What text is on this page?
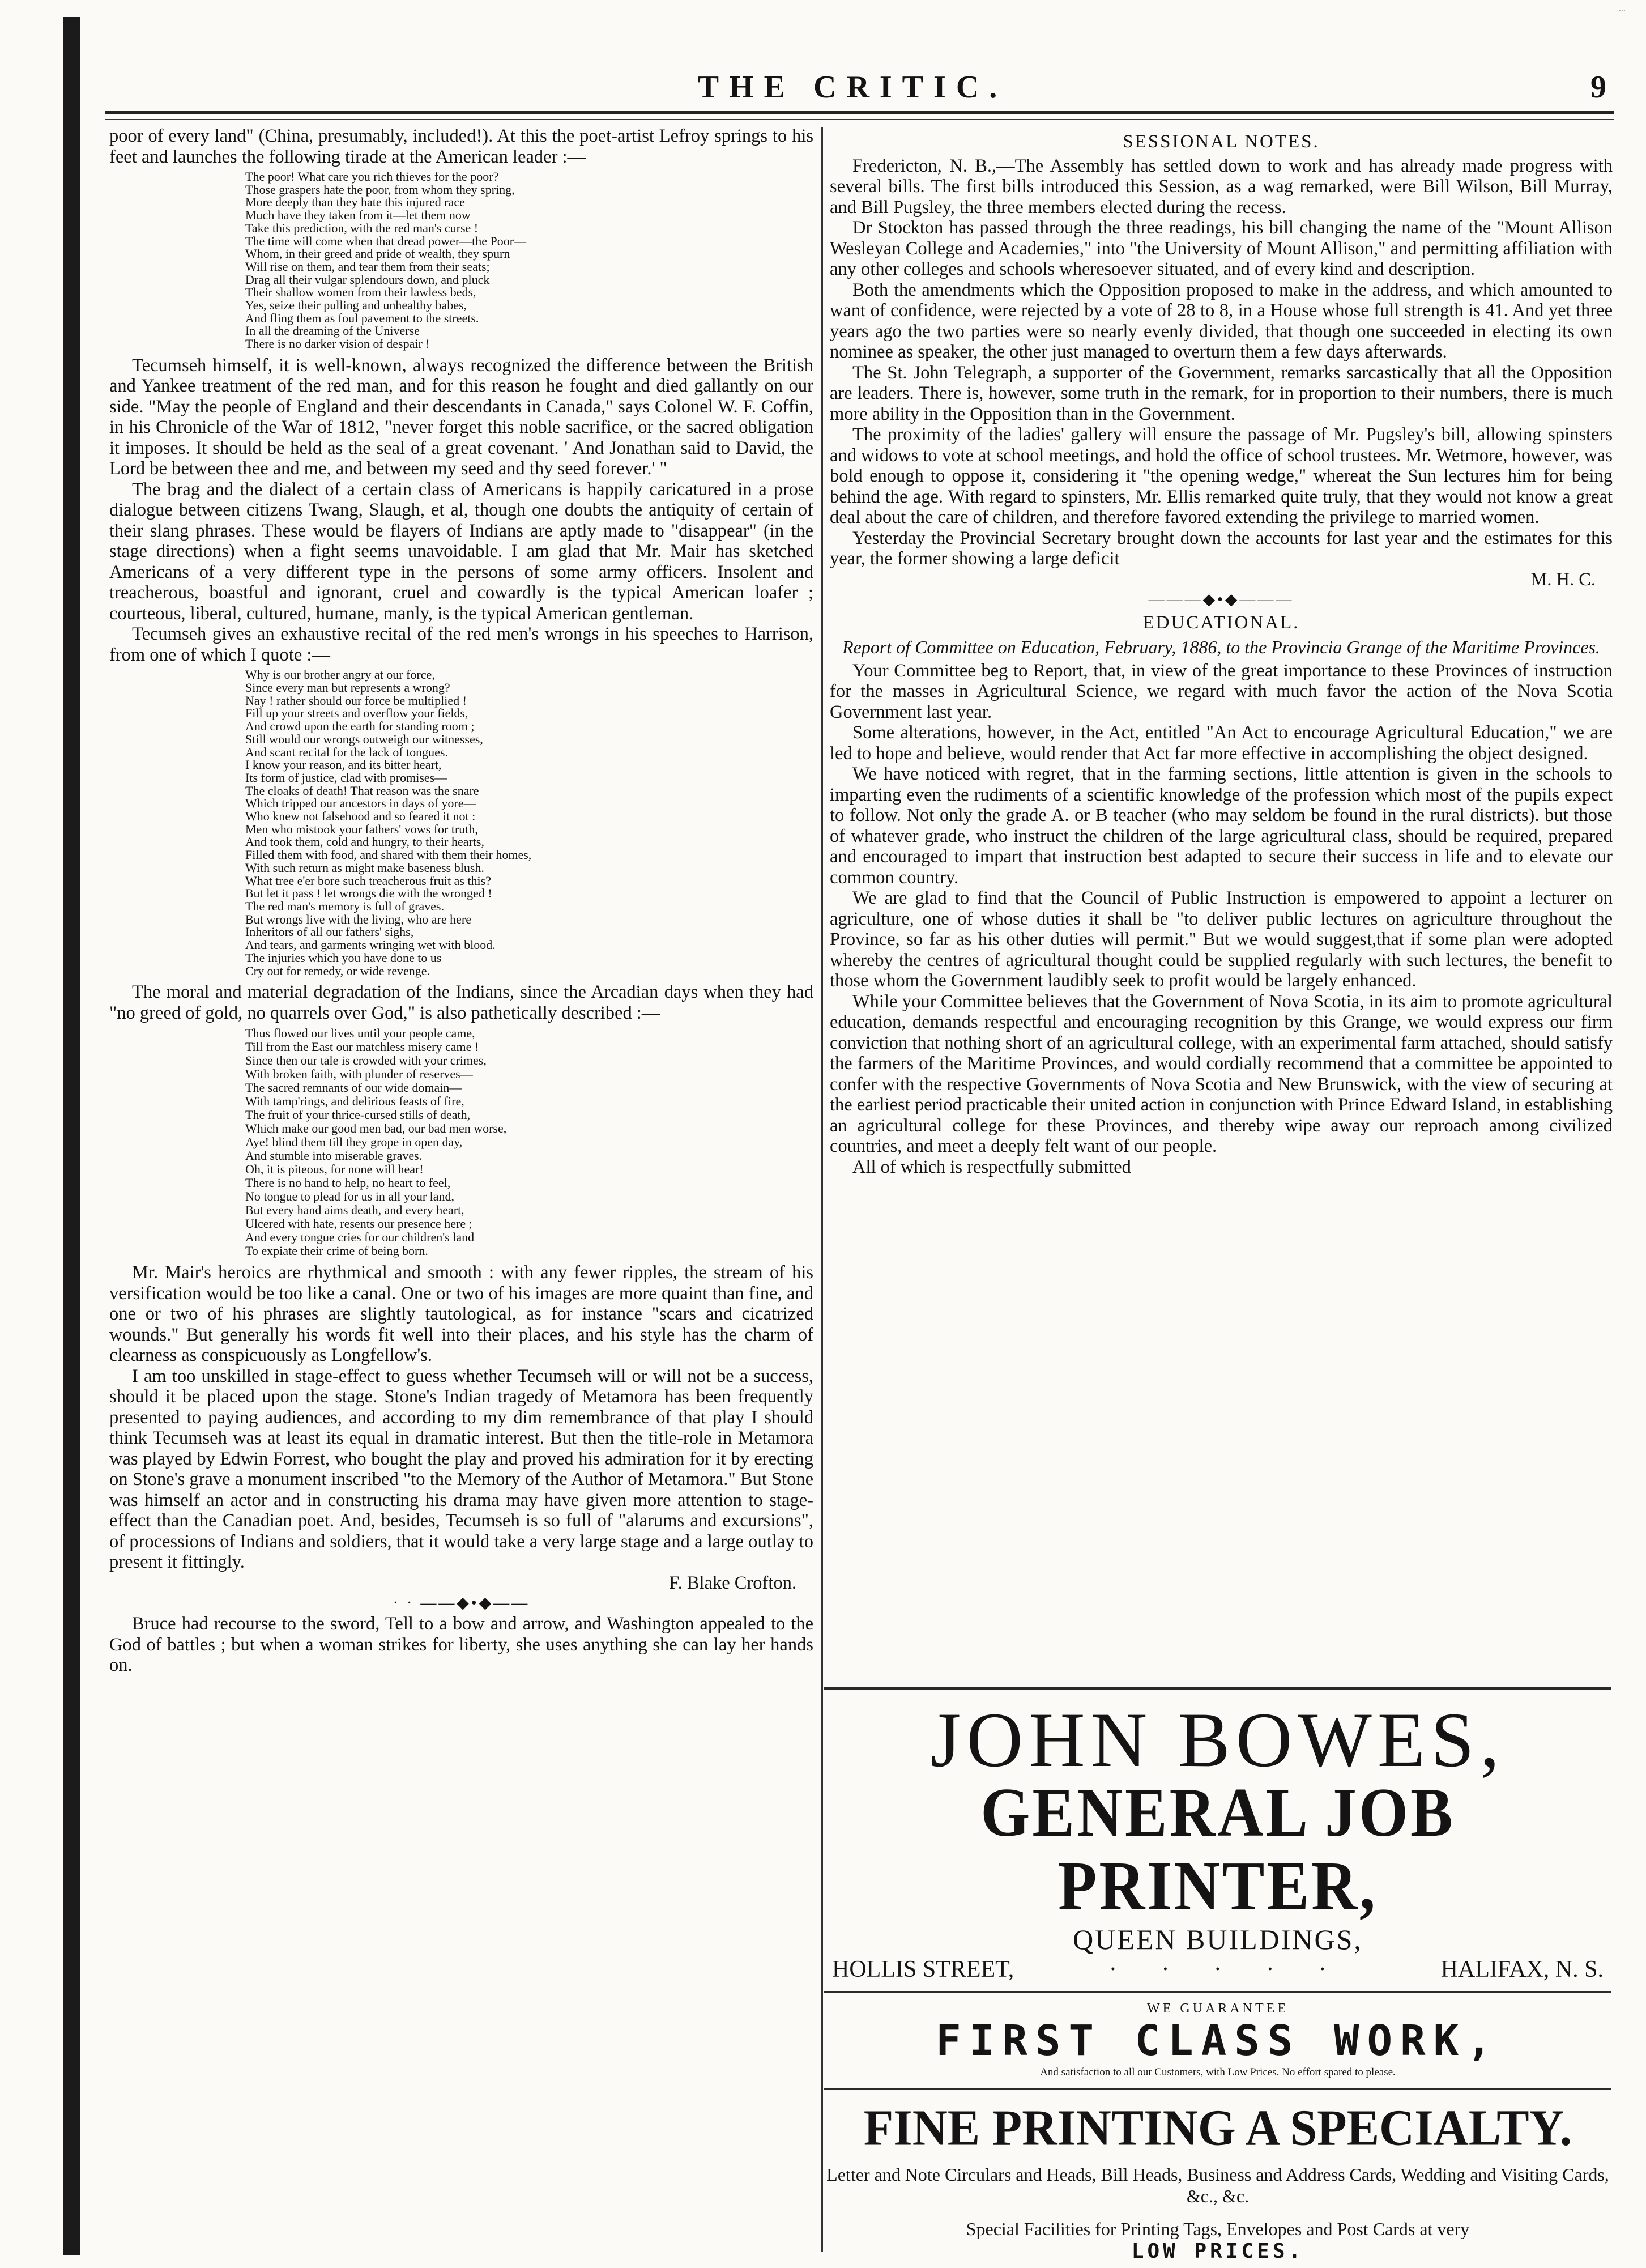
...
THE CRITIC.	9

poor of every land" (China, presumably, included!). At this the poet-artist Lefroy springs to his feet and launches the following tirade at the American leader :—

The poor! What care you rich thieves for the poor?
Those graspers hate the poor, from whom they spring,
More deeply than they hate this injured race
Much have they taken from it—let them now
Take this prediction, with the red man's curse !
The time will come when that dread power—the Poor—
Whom, in their greed and pride of wealth, they spurn
Will rise on them, and tear them from their seats;
Drag all their vulgar splendours down, and pluck
Their shallow women from their lawless beds,
Yes, seize their pulling and unhealthy babes,
And fling them as foul pavement to the streets.
In all the dreaming of the Universe
There is no darker vision of despair !

Tecumseh himself, it is well-known, always recognized the difference between the British and Yankee treatment of the red man, and for this reason he fought and died gallantly on our side. "May the people of England and their descendants in Canada," says Colonel W. F. Coffin, in his Chronicle of the War of 1812, "never forget this noble sacrifice, or the sacred obligation it imposes. It should be held as the seal of a great covenant. ' And Jonathan said to David, the Lord be between thee and me, and between my seed and thy seed forever.' "

The brag and the dialect of a certain class of Americans is happily caricatured in a prose dialogue between citizens Twang, Slaugh, et al, though one doubts the antiquity of certain of their slang phrases. These would be flayers of Indians are aptly made to "disappear" (in the stage directions) when a fight seems unavoidable. I am glad that Mr. Mair has sketched Americans of a very different type in the persons of some army officers. Insolent and treacherous, boastful and ignorant, cruel and cowardly is the typical American loafer ; courteous, liberal, cultured, humane, manly, is the typical American gentleman.

Tecumseh gives an exhaustive recital of the red men's wrongs in his speeches to Harrison, from one of which I quote :—

Why is our brother angry at our force,
Since every man but represents a wrong?
Nay ! rather should our force be multiplied !
Fill up your streets and overflow your fields,
And crowd upon the earth for standing room ;
Still would our wrongs outweigh our witnesses,
And scant recital for the lack of tongues.
I know your reason, and its bitter heart,
Its form of justice, clad with promises—
The cloaks of death! That reason was the snare
Which tripped our ancestors in days of yore—
Who knew not falsehood and so feared it not :
Men who mistook your fathers' vows for truth,
And took them, cold and hungry, to their hearts,
Filled them with food, and shared with them their homes,
With such return as might make baseness blush.
What tree e'er bore such treacherous fruit as this?
But let it pass ! let wrongs die with the wronged !
The red man's memory is full of graves.
But wrongs live with the living, who are here
Inheritors of all our fathers' sighs,
And tears, and garments wringing wet with blood.
The injuries which you have done to us
Cry out for remedy, or wide revenge.

The moral and material degradation of the Indians, since the Arcadian days when they had "no greed of gold, no quarrels over God," is also pathetically described :—

Thus flowed our lives until your people came,
Till from the East our matchless misery came !
Since then our tale is crowded with your crimes,
With broken faith, with plunder of reserves—
The sacred remnants of our wide domain—
With tamp'rings, and delirious feasts of fire,
The fruit of your thrice-cursed stills of death,
Which make our good men bad, our bad men worse,
Aye! blind them till they grope in open day,
And stumble into miserable graves.
Oh, it is piteous, for none will hear!
There is no hand to help, no heart to feel,
No tongue to plead for us in all your land,
But every hand aims death, and every heart,
Ulcered with hate, resents our presence here ;
And every tongue cries for our children's land
To expiate their crime of being born.

Mr. Mair's heroics are rhythmical and smooth : with any fewer ripples, the stream of his versification would be too like a canal. One or two of his images are more quaint than fine, and one or two of his phrases are slightly tautological, as for instance "scars and cicatrized wounds." But generally his words fit well into their places, and his style has the charm of clearness as conspicuously as Longfellow's.

I am too unskilled in stage-effect to guess whether Tecumseh will or will not be a success, should it be placed upon the stage. Stone's Indian tragedy of Metamora has been frequently presented to paying audiences, and according to my dim remembrance of that play I should think Tecumseh was at least its equal in dramatic interest. But then the title-role in Metamora was played by Edwin Forrest, who bought the play and proved his admiration for it by erecting on Stone's grave a monument inscribed "to the Memory of the Author of Metamora." But Stone was himself an actor and in constructing his drama may have given more attention to stage-effect than the Canadian poet. And, besides, Tecumseh is so full of "alarums and excursions", of processions of Indians and soldiers, that it would take a very large stage and a large outlay to present it fittingly.

F. Blake Crofton.
· · ——◆•◆——

Bruce had recourse to the sword, Tell to a bow and arrow, and Washington appealed to the God of battles ; but when a woman strikes for liberty, she uses anything she can lay her hands on.

SESSIONAL NOTES.

Fredericton, N. B.,—The Assembly has settled down to work and has already made progress with several bills. The first bills introduced this Session, as a wag remarked, were Bill Wilson, Bill Murray, and Bill Pugsley, the three members elected during the recess.

Dr Stockton has passed through the three readings, his bill changing the name of the "Mount Allison Wesleyan College and Academies," into "the University of Mount Allison," and permitting affiliation with any other colleges and schools wheresoever situated, and of every kind and description.

Both the amendments which the Opposition proposed to make in the address, and which amounted to want of confidence, were rejected by a vote of 28 to 8, in a House whose full strength is 41. And yet three years ago the two parties were so nearly evenly divided, that though one succeeded in electing its own nominee as speaker, the other just managed to overturn them a few days afterwards.

The St. John Telegraph, a supporter of the Government, remarks sarcastically that all the Opposition are leaders. There is, however, some truth in the remark, for in proportion to their numbers, there is much more ability in the Opposition than in the Government.

The proximity of the ladies' gallery will ensure the passage of Mr. Pugsley's bill, allowing spinsters and widows to vote at school meetings, and hold the office of school trustees. Mr. Wetmore, however, was bold enough to oppose it, considering it "the opening wedge," whereat the Sun lectures him for being behind the age. With regard to spinsters, Mr. Ellis remarked quite truly, that they would not know a great deal about the care of children, and therefore favored extending the privilege to married women.

Yesterday the Provincial Secretary brought down the accounts for last year and the estimates for this year, the former showing a large deficit

M. H. C.
———◆•◆———
EDUCATIONAL.
Report of Committee on Education, February, 1886, to the Provincia Grange of the Maritime Provinces.

Your Committee beg to Report, that, in view of the great importance to these Provinces of instruction for the masses in Agricultural Science, we regard with much favor the action of the Nova Scotia Government last year.

Some alterations, however, in the Act, entitled "An Act to encourage Agricultural Education," we are led to hope and believe, would render that Act far more effective in accomplishing the object designed.

We have noticed with regret, that in the farming sections, little attention is given in the schools to imparting even the rudiments of a scientific knowledge of the profession which most of the pupils expect to follow. Not only the grade A. or B teacher (who may seldom be found in the rural districts). but those of whatever grade, who instruct the children of the large agricultural class, should be required, prepared and encouraged to impart that instruction best adapted to secure their success in life and to elevate our common country.

We are glad to find that the Council of Public Instruction is empowered to appoint a lecturer on agriculture, one of whose duties it shall be "to deliver public lectures on agriculture throughout the Province, so far as his other duties will permit." But we would suggest,that if some plan were adopted whereby the centres of agricultural thought could be supplied regularly with such lectures, the benefit to those whom the Government laudibly seek to profit would be largely enhanced.

While your Committee believes that the Government of Nova Scotia, in its aim to promote agricultural education, demands respectful and encouraging recognition by this Grange, we would express our firm conviction that nothing short of an agricultural college, with an experimental farm attached, should satisfy the farmers of the Maritime Provinces, and would cordially recommend that a committee be appointed to confer with the respective Governments of Nova Scotia and New Brunswick, with the view of securing at the earliest period practicable their united action in conjunction with Prince Edward Island, in establishing an agricultural college for these Provinces, and thereby wipe away our reproach among civilized countries, and meet a deeply felt want of our people.

All of which is respectfully submitted

JOHN BOWES,
GENERAL JOB PRINTER,
QUEEN BUILDINGS,
HOLLIS STREET,	· · · · ·	HALIFAX, N. S.
WE GUARANTEE
FIRST CLASS WORK,
And satisfaction to all our Customers, with Low Prices. No effort spared to please.
FINE PRINTING A SPECIALTY.
Letter and Note Circulars and Heads, Bill Heads, Business and Address Cards, Wedding and Visiting Cards, &c., &c.
Special Facilities for Printing Tags, Envelopes and Post Cards at very
LOW PRICES.
